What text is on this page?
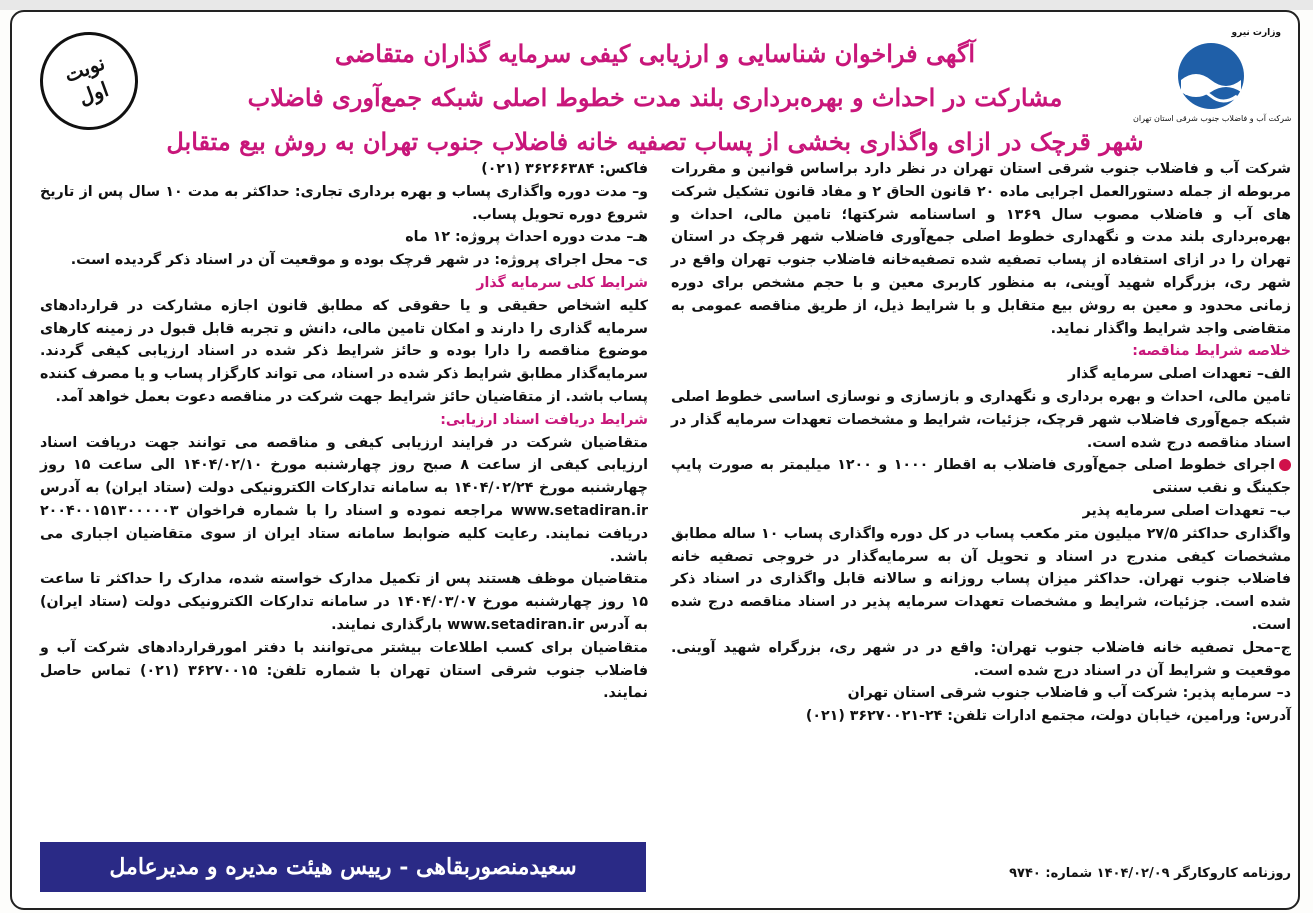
نوبت
اول
وزارت نیرو
شرکت آب و فاضلاب جنوب شرقی استان تهران
آگهی فراخوان شناسایی و ارزیابی کیفی سرمایه گذاران متقاضی
مشارکت در احداث و بهره‌برداری بلند مدت خطوط اصلی شبکه جمع‌آوری فاضلاب
شهر قرچک در ازای واگذاری بخشی از پساب تصفیه خانه فاضلاب جنوب تهران به روش بیع متقابل

شرکت آب و فاضلاب جنوب شرقی استان تهران در نظر دارد براساس قوانین و مقررات مربوطه از جمله دستورالعمل اجرایی ماده ۲۰ قانون الحاق ۲ و مفاد قانون تشکیل شرکت های آب و فاضلاب مصوب سال ۱۳۶۹ و اساسنامه شرکتها؛ تامین مالی، احداث و بهره‌برداری بلند مدت و نگهداری خطوط اصلی جمع‌آوری فاضلاب شهر قرچک در استان تهران را در ازای استفاده از پساب تصفیه شده تصفیه‌خانه فاضلاب جنوب تهران واقع در شهر ری، بزرگراه شهید آوینی، به منظور کاربری معین و با حجم مشخص برای دوره زمانی محدود و معین به روش بیع متقابل و با شرایط ذیل، از طریق مناقصه عمومی به متقاضی واجد شرایط واگذار نماید.

خلاصه شرایط مناقصه:

الف– تعهدات اصلی سرمایه گذار

تامین مالی، احداث و بهره برداری و نگهداری و بازسازی و نوسازی اساسی خطوط اصلی شبکه جمع‌آوری فاضلاب شهر قرچک، جزئیات، شرایط و مشخصات تعهدات سرمایه گذار در اسناد مناقصه درج شده است.

اجرای خطوط اصلی جمع‌آوری فاضلاب به اقطار ۱۰۰۰ و ۱۲۰۰ میلیمتر به صورت پایپ جکینگ و نقب سنتی

ب– تعهدات اصلی سرمایه پذیر

واگذاری حداکثر ۲۷/۵ میلیون متر مکعب پساب در کل دوره واگذاری پساب ۱۰ ساله مطابق مشخصات کیفی مندرج در اسناد و تحویل آن به سرمایه‌گذار در خروجی تصفیه خانه فاضلاب جنوب تهران. حداکثر میزان پساب روزانه و سالانه قابل واگذاری در اسناد ذکر شده است. جزئیات، شرایط و مشخصات تعهدات سرمایه پذیر در اسناد مناقصه درج شده است.

ج–محل تصفیه خانه فاضلاب جنوب تهران: واقع در در شهر ری، بزرگراه شهید آوینی. موقعیت و شرایط آن در اسناد درج شده است.

د– سرمایه پذیر: شرکت آب و فاضلاب جنوب شرقی استان تهران

آدرس: ورامین، خیابان دولت، مجتمع ادارات تلفن: ۲۴-۳۶۲۷۰۰۲۱ (۰۲۱)

فاکس: ۳۶۲۶۶۳۸۴ (۰۲۱)

و– مدت دوره واگذاری پساب و بهره برداری تجاری: حداکثر به مدت ۱۰ سال پس از تاریخ شروع دوره تحویل پساب.

هـ– مدت دوره احداث پروژه: ۱۲ ماه

ی– محل اجرای پروژه: در شهر قرچک بوده و موقعیت آن در اسناد ذکر گردیده است.

شرایط کلی سرمایه گذار

کلیه اشخاص حقیقی و یا حقوقی که مطابق قانون اجازه مشارکت در قراردادهای سرمایه گذاری را دارند و امکان تامین مالی، دانش و تجربه قابل قبول در زمینه کارهای موضوع مناقصه را دارا بوده و حائز شرایط ذکر شده در اسناد ارزیابی کیفی گردند. سرمایه‌گذار مطابق شرایط ذکر شده در اسناد، می تواند کارگزار پساب و یا مصرف کننده پساب باشد. از متقاضیان حائز شرایط جهت شرکت در مناقصه دعوت بعمل خواهد آمد.

شرایط دریافت اسناد ارزیابی:

متقاضیان شرکت در فرایند ارزیابی کیفی و مناقصه می توانند جهت دریافت اسناد ارزیابی کیفی از ساعت ۸ صبح روز چهارشنبه مورخ ۱۴۰۴/۰۲/۱۰ الی ساعت ۱۵ روز چهارشنبه مورخ ۱۴۰۴/۰۲/۲۴ به سامانه تدارکات الکترونیکی دولت (ستاد ایران) به آدرس www.setadiran.ir مراجعه نموده و اسناد را با شماره فراخوان ۲۰۰۴۰۰۱۵۱۳۰۰۰۰۰۳ دریافت نمایند. رعایت کلیه ضوابط سامانه ستاد ایران از سوی متقاضیان اجباری می باشد.

متقاضیان موظف هستند پس از تکمیل مدارک خواسته شده، مدارک را حداکثر تا ساعت ۱۵ روز چهارشنبه مورخ ۱۴۰۴/۰۳/۰۷ در سامانه تدارکات الکترونیکی دولت (ستاد ایران) به آدرس www.setadiran.ir بارگذاری نمایند.

متقاضیان برای کسب اطلاعات بیشتر می‌توانند با دفتر امورقراردادهای شرکت آب و فاضلاب جنوب شرقی استان تهران با شماره تلفن: ۳۶۲۷۰۰۱۵ (۰۲۱) تماس حاصل نمایند.

سعیدمنصوربقاهی - رییس هیئت مدیره و مدیرعامل	روزنامه کاروکارگر ۱۴۰۴/۰۲/۰۹ شماره: ۹۷۴۰
